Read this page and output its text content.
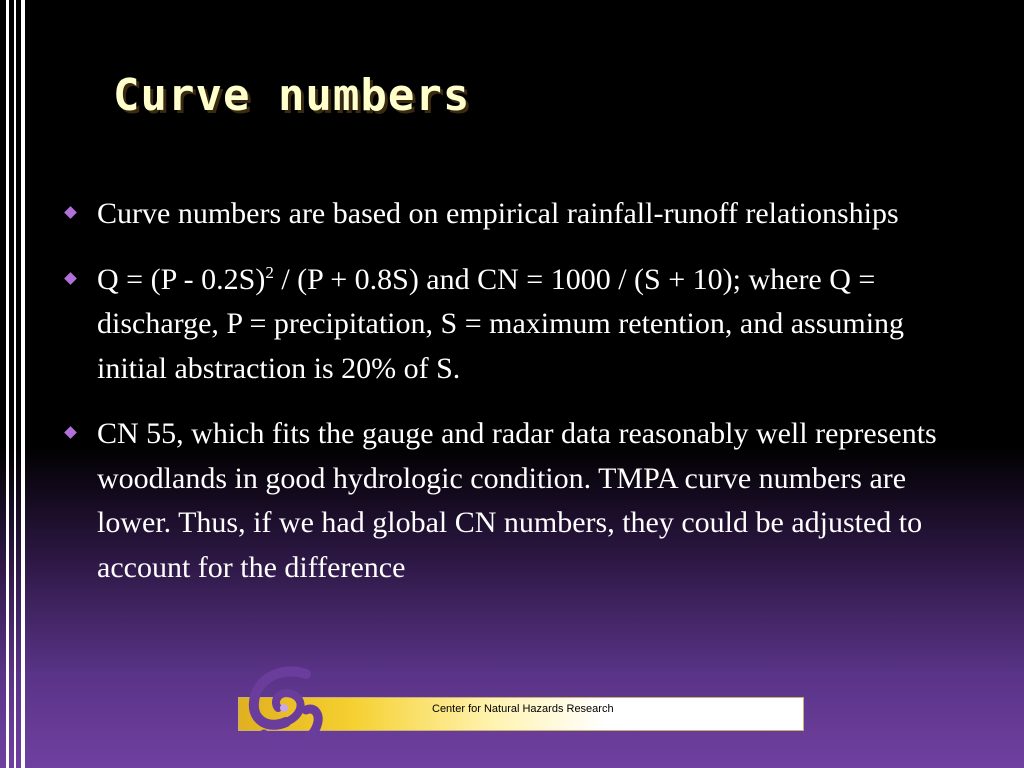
Curve numbers
Curve numbers are based on empirical rainfall-runoff relationships
Q = (P - 0.2S)$^2$ / (P + 0.8S) and CN = 1000 / (S + 10); where Q = discharge, P = precipitation, S = maximum retention, and assuming initial abstraction is 20% of S.
CN 55, which fits the gauge and radar data reasonably well represents woodlands in good hydrologic condition. TMPA curve numbers are lower. Thus, if we had global CN numbers, they could be adjusted to account for the difference
Center for Natural Hazards Research
